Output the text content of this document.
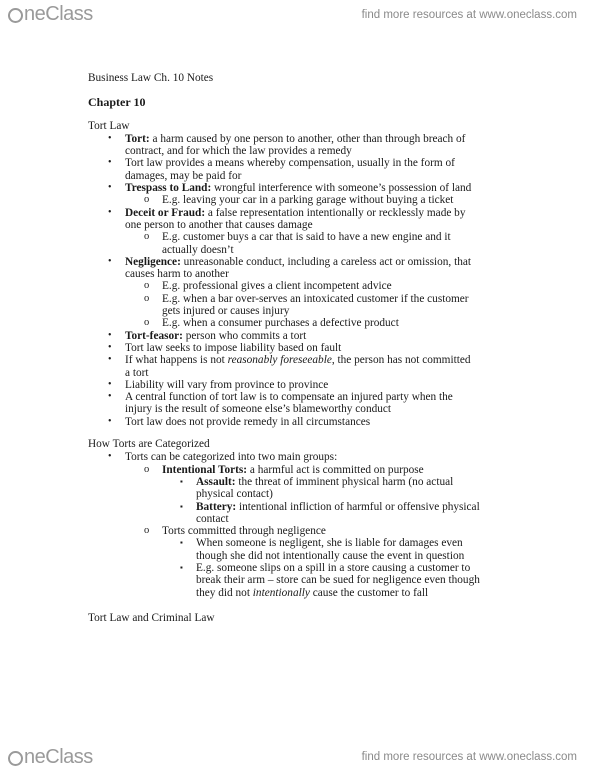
neClass	find more resources at www.oneclass.com

Business Law Ch. 10 Notes

Chapter 10

Tort Law

• Tort: a harm caused by one person to another, other than through breach of
contract, and for which the law provides a remedy
• Tort law provides a means whereby compensation, usually in the form of
damages, may be paid for
• Trespass to Land: wrongful interference with someone’s possession of land
o E.g. leaving your car in a parking garage without buying a ticket
• Deceit or Fraud: a false representation intentionally or recklessly made by
one person to another that causes damage
o E.g. customer buys a car that is said to have a new engine and it
actually doesn’t
• Negligence: unreasonable conduct, including a careless act or omission, that
causes harm to another
o E.g. professional gives a client incompetent advice
o E.g. when a bar over-serves an intoxicated customer if the customer
gets injured or causes injury
o E.g. when a consumer purchases a defective product
• Tort-feasor: person who commits a tort
• Tort law seeks to impose liability based on fault
• If what happens is not reasonably foreseeable, the person has not committed
a tort
• Liability will vary from province to province
• A central function of tort law is to compensate an injured party when the
injury is the result of someone else’s blameworthy conduct
• Tort law does not provide remedy in all circumstances

How Torts are Categorized

• Torts can be categorized into two main groups:
o Intentional Torts: a harmful act is committed on purpose
▪ Assault: the threat of imminent physical harm (no actual
physical contact)
▪ Battery: intentional infliction of harmful or offensive physical
contact
o Torts committed through negligence
▪ When someone is negligent, she is liable for damages even
though she did not intentionally cause the event in question
▪ E.g. someone slips on a spill in a store causing a customer to
break their arm – store can be sued for negligence even though
they did not intentionally cause the customer to fall

Tort Law and Criminal Law

neClass	find more resources at www.oneclass.com
